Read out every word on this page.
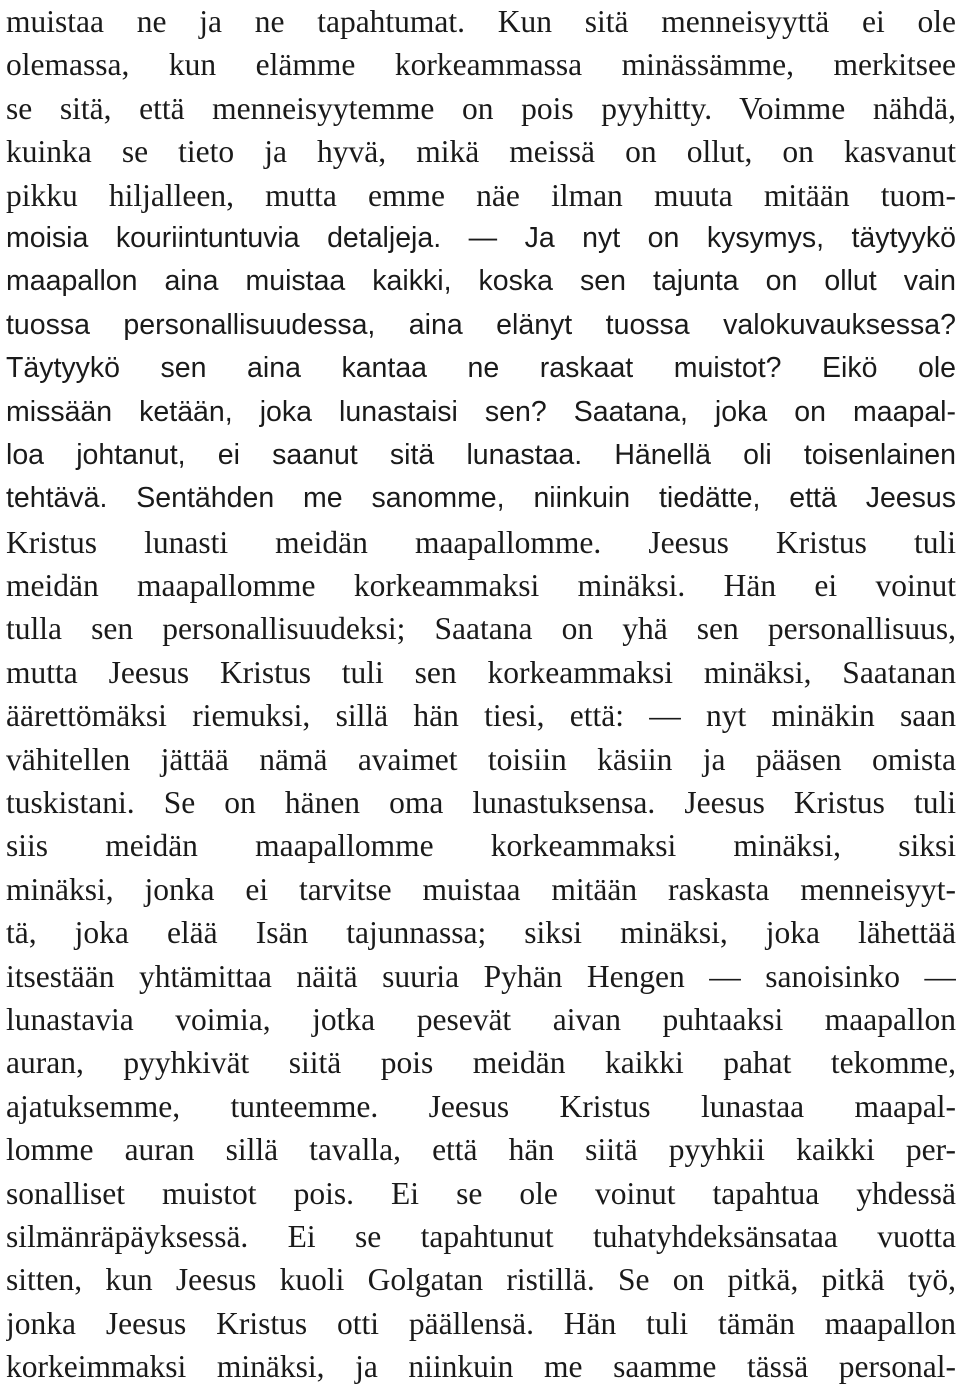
muistaa ne ja ne tapahtumat. Kun sitä menneisyyttä ei ole
olemassa, kun elämme korkeammassa minässämme, merkitsee
se sitä, että menneisyytemme on pois pyyhitty. Voimme nähdä,
kuinka se tieto ja hyvä, mikä meissä on ollut, on kasvanut
pikku hiljalleen, mutta emme näe ilman muuta mitään tuom-
moisia kouriintuntuvia detaljeja. — Ja nyt on kysymys, täytyykö
maapallon aina muistaa kaikki, koska sen tajunta on ollut vain
tuossa personallisuudessa, aina elänyt tuossa valokuvauksessa?
Täytyykö sen aina kantaa ne raskaat muistot? Eikö ole
missään ketään, joka lunastaisi sen? Saatana, joka on maapal-
loa johtanut, ei saanut sitä lunastaa. Hänellä oli toisenlainen
tehtävä. Sentähden me sanomme, niinkuin tiedätte, että Jeesus
Kristus lunasti meidän maapallomme. Jeesus Kristus tuli
meidän maapallomme korkeammaksi minäksi. Hän ei voinut
tulla sen personallisuudeksi; Saatana on yhä sen personallisuus,
mutta Jeesus Kristus tuli sen korkeammaksi minäksi, Saatanan
äärettömäksi riemuksi, sillä hän tiesi, että: — nyt minäkin saan
vähitellen jättää nämä avaimet toisiin käsiin ja pääsen omista
tuskistani. Se on hänen oma lunastuksensa. Jeesus Kristus tuli
siis meidän maapallomme korkeammaksi minäksi, siksi
minäksi, jonka ei tarvitse muistaa mitään raskasta menneisyyt-
tä, joka elää Isän tajunnassa; siksi minäksi, joka lähettää
itsestään yhtämittaa näitä suuria Pyhän Hengen — sanoisinko —
lunastavia voimia, jotka pesevät aivan puhtaaksi maapallon
auran, pyyhkivät siitä pois meidän kaikki pahat tekomme,
ajatuksemme, tunteemme. Jeesus Kristus lunastaa maapal-
lomme auran sillä tavalla, että hän siitä pyyhkii kaikki per-
sonalliset muistot pois. Ei se ole voinut tapahtua yhdessä
silmänräpäyksessä. Ei se tapahtunut tuhatyhdeksänsataa vuotta
sitten, kun Jeesus kuoli Golgatan ristillä. Se on pitkä, pitkä työ,
jonka Jeesus Kristus otti päällensä. Hän tuli tämän maapallon
korkeimmaksi minäksi, ja niinkuin me saamme tässä personal-
